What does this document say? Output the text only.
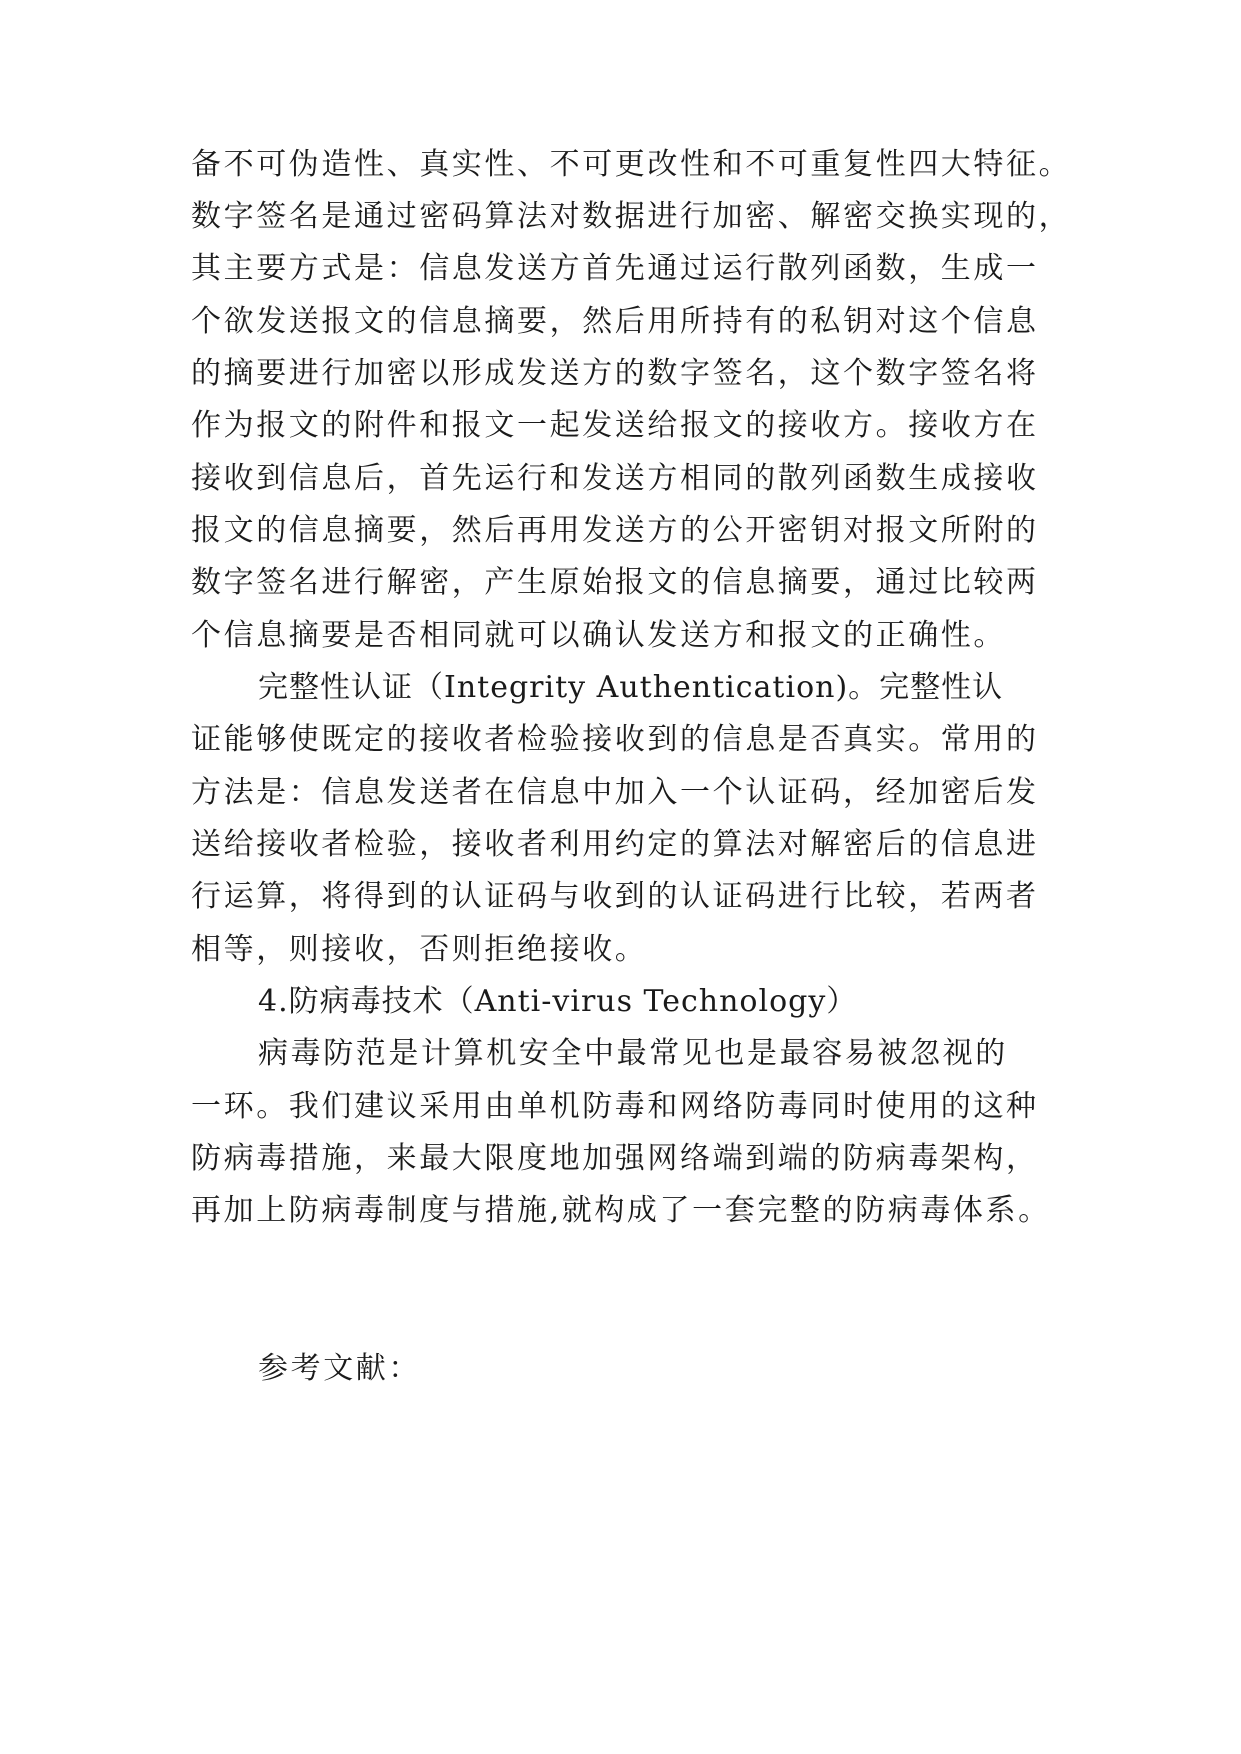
备不可伪造性、真实性、不可更改性和不可重复性四大特征。

数字签名是通过密码算法对数据进行加密、解密交换实现的，

其主要方式是：信息发送方首先通过运行散列函数，生成一

个欲发送报文的信息摘要，然后用所持有的私钥对这个信息

的摘要进行加密以形成发送方的数字签名，这个数字签名将

作为报文的附件和报文一起发送给报文的接收方。接收方在

接收到信息后，首先运行和发送方相同的散列函数生成接收

报文的信息摘要，然后再用发送方的公开密钥对报文所附的

数字签名进行解密，产生原始报文的信息摘要，通过比较两

个信息摘要是否相同就可以确认发送方和报文的正确性。

完整性认证（Integrity Authentication)。完整性认

证能够使既定的接收者检验接收到的信息是否真实。常用的

方法是：信息发送者在信息中加入一个认证码，经加密后发

送给接收者检验，接收者利用约定的算法对解密后的信息进

行运算，将得到的认证码与收到的认证码进行比较，若两者

相等，则接收，否则拒绝接收。

4.防病毒技术（Anti-virus Technology）

病毒防范是计算机安全中最常见也是最容易被忽视的

一环。我们建议采用由单机防毒和网络防毒同时使用的这种

防病毒措施，来最大限度地加强网络端到端的防病毒架构，

再加上防病毒制度与措施,就构成了一套完整的防病毒体系。

参考文献：
